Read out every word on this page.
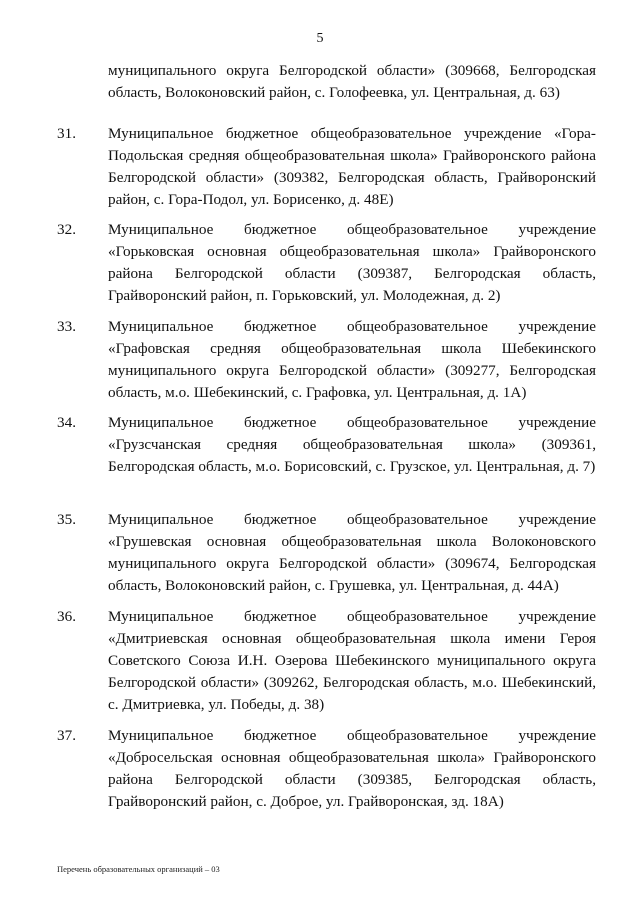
5
муниципального округа Белгородской области» (309668, Белгородская область, Волоконовский район, с. Голофеевка, ул. Центральная, д. 63)
31. Муниципальное бюджетное общеобразовательное учреждение «Гора-Подольская средняя общеобразовательная школа» Грайворонского района Белгородской области» (309382, Белгородская область, Грайворонский район, с. Гора-Подол, ул. Борисенко, д. 48Е)
32. Муниципальное бюджетное общеобразовательное учреждение «Горьковская основная общеобразовательная школа» Грайворонского района Белгородской области (309387, Белгородская область, Грайворонский район, п. Горьковский, ул. Молодежная, д. 2)
33. Муниципальное бюджетное общеобразовательное учреждение «Графовская средняя общеобразовательная школа Шебекинского муниципального округа Белгородской области» (309277, Белгородская область, м.о. Шебекинский, с. Графовка, ул. Центральная, д. 1А)
34. Муниципальное бюджетное общеобразовательное учреждение «Грузсчанская средняя общеобразовательная школа» (309361, Белгородская область, м.о. Борисовский, с. Грузское, ул. Центральная, д. 7)
35. Муниципальное бюджетное общеобразовательное учреждение «Грушевская основная общеобразовательная школа Волоконовского муниципального округа Белгородской области» (309674, Белгородская область, Волоконовский район, с. Грушевка, ул. Центральная, д. 44А)
36. Муниципальное бюджетное общеобразовательное учреждение «Дмитриевская основная общеобразовательная школа имени Героя Советского Союза И.Н. Озерова Шебекинского муниципального округа Белгородской области» (309262, Белгородская область, м.о. Шебекинский, с. Дмитриевка, ул. Победы, д. 38)
37. Муниципальное бюджетное общеобразовательное учреждение «Добросельская основная общеобразовательная школа» Грайворонского района Белгородской области (309385, Белгородская область, Грайворонский район, с. Доброе, ул. Грайворонская, зд. 18А)
Перечень образовательных организаций – 03
